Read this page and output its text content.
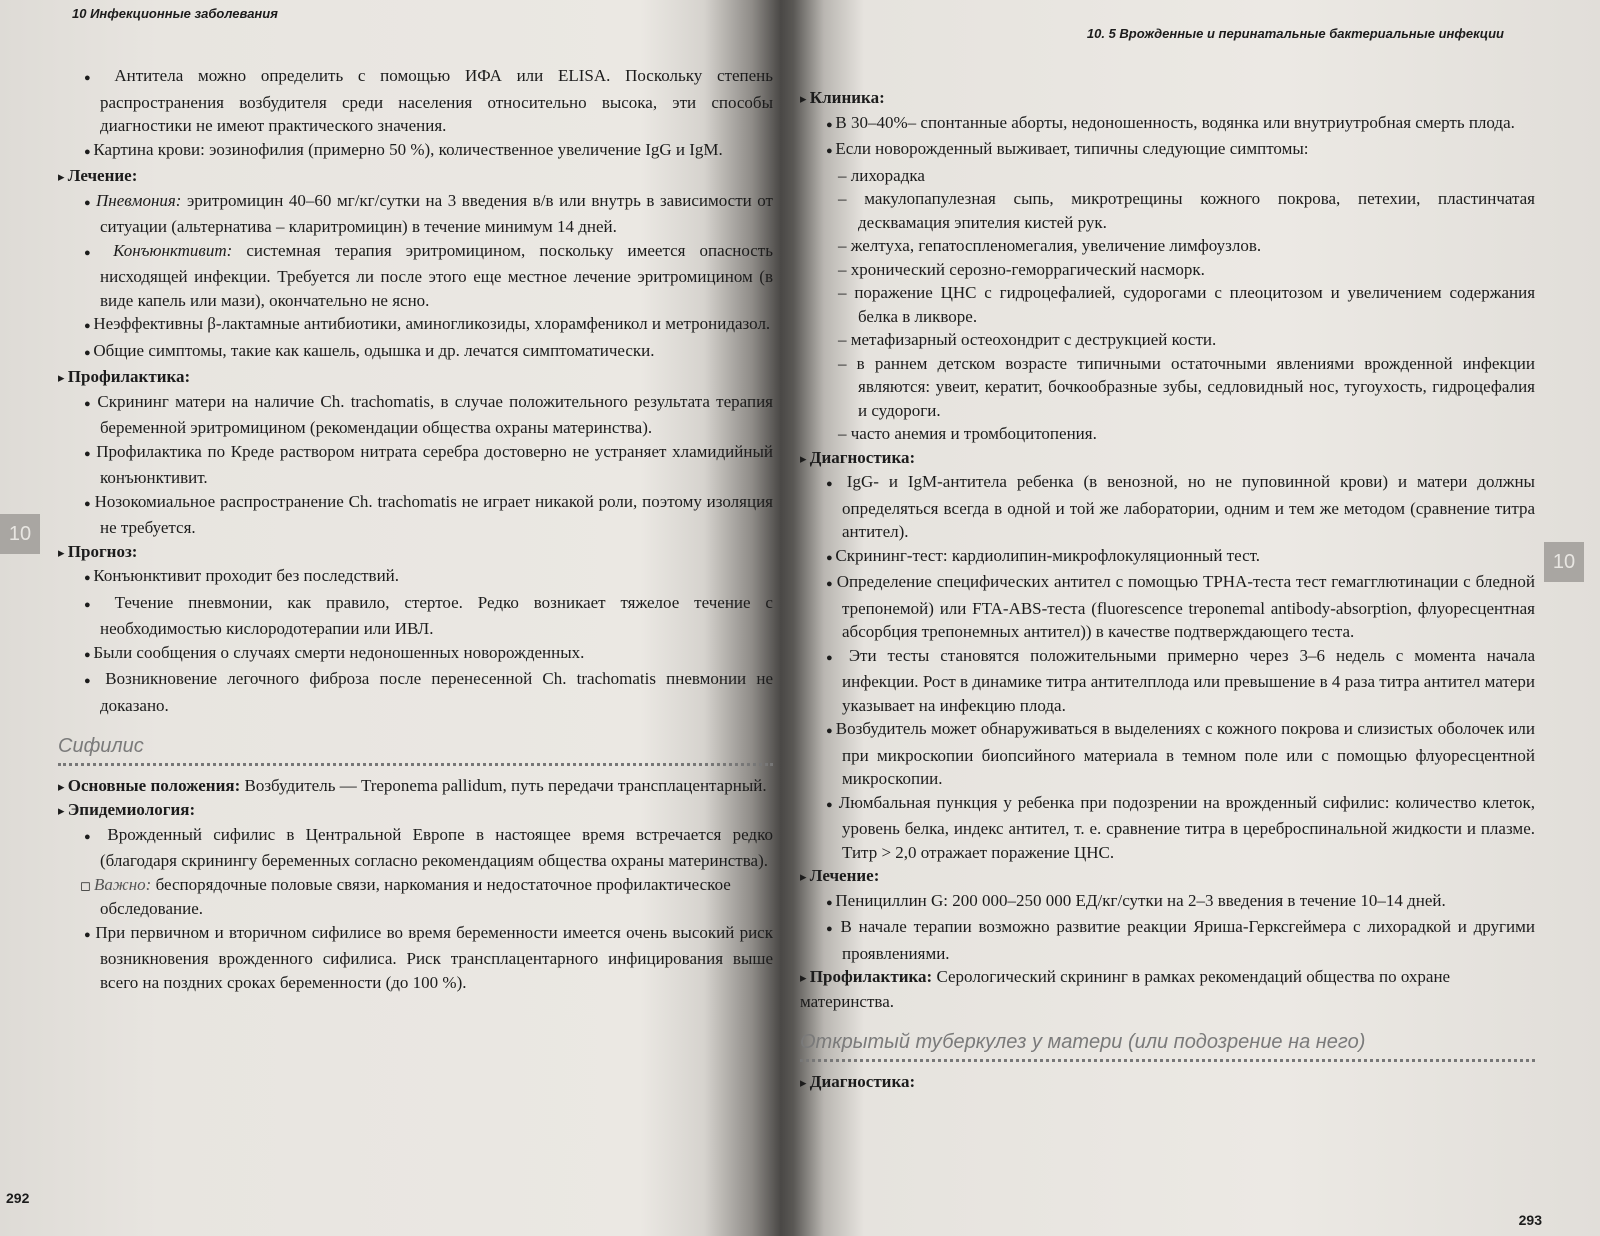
10 Инфекционные заболевания

● Антитела можно определить с помощью ИФА или ELISA. Поскольку степень распространения возбудителя среди населения относительно высока, эти способы диагностики не имеют практического значения.

● Картина крови: эозинофилия (примерно 50 %), количественное увеличение IgG и IgM.

▸ Лечение:

● Пневмония: эритромицин 40–60 мг/кг/сутки на 3 введения в/в или внутрь в зависимости от ситуации (альтернатива – кларитромицин) в течение минимум 14 дней.

● Конъюнктивит: системная терапия эритромицином, поскольку имеется опасность нисходящей инфекции. Требуется ли после этого еще местное лечение эритромицином (в виде капель или мази), окончательно не ясно.

● Неэффективны β-лактамные антибиотики, аминогликозиды, хлорамфеникол и метронидазол.

● Общие симптомы, такие как кашель, одышка и др. лечатся симптоматически.

▸ Профилактика:

● Скрининг матери на наличие Ch. trachomatis, в случае положительного результата терапия беременной эритромицином (рекомендации общества охраны материнства).

● Профилактика по Креде раствором нитрата серебра достоверно не устраняет хламидийный конъюнктивит.

● Нозокомиальное распространение Ch. trachomatis не играет никакой роли, поэтому изоляция не требуется.

▸ Прогноз:

● Конъюнктивит проходит без последствий.

● Течение пневмонии, как правило, стертое. Редко возникает тяжелое течение с необходимостью кислородотерапии или ИВЛ.

● Были сообщения о случаях смерти недоношенных новорожденных.

● Возникновение легочного фиброза после перенесенной Ch. trachomatis пневмонии не доказано.

Сифилис

▸ Основные положения: Возбудитель — Treponema pallidum, путь передачи трансплацентарный.

▸ Эпидемиология:

● Врожденный сифилис в Центральной Европе в настоящее время встречается редко (благодаря скринингу беременных согласно рекомендациям общества охраны материнства).

◻ Важно: беспорядочные половые связи, наркомания и недостаточное профилактическое обследование.

● При первичном и вторичном сифилисе во время беременности имеется очень высокий риск возникновения врожденного сифилиса. Риск трансплацентарного инфицирования выше всего на поздних сроках беременности (до 100 %).

10
292
10. 5 Врожденные и перинатальные бактериальные инфекции

▸ Клиника:

● В 30–40%– спонтанные аборты, недоношенность, водянка или внутриутробная смерть плода.

● Если новорожденный выживает, типичны следующие симптомы:

– лихорадка

– макулопапулезная сыпь, микротрещины кожного покрова, петехии, пластинчатая десквамация эпителия кистей рук.

– желтуха, гепатоспленомегалия, увеличение лимфоузлов.

– хронический серозно-геморрагический насморк.

– поражение ЦНС с гидроцефалией, судорогами с плеоцитозом и увеличением содержания белка в ликворе.

– метафизарный остеохондрит с деструкцией кости.

– в раннем детском возрасте типичными остаточными явлениями врожденной инфекции являются: увеит, кератит, бочкообразные зубы, седловидный нос, тугоухость, гидроцефалия и судороги.

– часто анемия и тромбоцитопения.

▸ Диагностика:

● IgG- и IgM-антитела ребенка (в венозной, но не пуповинной крови) и матери должны определяться всегда в одной и той же лаборатории, одним и тем же методом (сравнение титра антител).

● Скрининг-тест: кардиолипин-микрофлокуляционный тест.

● Определение специфических антител с помощью TPHA-теста тест гемагглютинации с бледной трепонемой) или FTA-ABS-теста (fluorescence treponemal antibody-absorption, флуоресцентная абсорбция трепонемных антител)) в качестве подтверждающего теста.

● Эти тесты становятся положительными примерно через 3–6 недель с момента начала инфекции. Рост в динамике титра антителплода или превышение в 4 раза титра антител матери указывает на инфекцию плода.

● Возбудитель может обнаруживаться в выделениях с кожного покрова и слизистых оболочек или при микроскопии биопсийного материала в темном поле или с помощью флуоресцентной микроскопии.

● Люмбальная пункция у ребенка при подозрении на врожденный сифилис: количество клеток, уровень белка, индекс антител, т. е. сравнение титра в цереброспинальной жидкости и плазме. Титр > 2,0 отражает поражение ЦНС.

▸ Лечение:

● Пенициллин G: 200 000–250 000 ЕД/кг/сутки на 2–3 введения в течение 10–14 дней.

● В начале терапии возможно развитие реакции Яриша-Герксгеймера с лихорадкой и другими проявлениями.

▸ Профилактика: Серологический скрининг в рамках рекомендаций общества по охране материнства.

Открытый туберкулез у матери (или подозрение на него)

▸ Диагностика:

10
293
